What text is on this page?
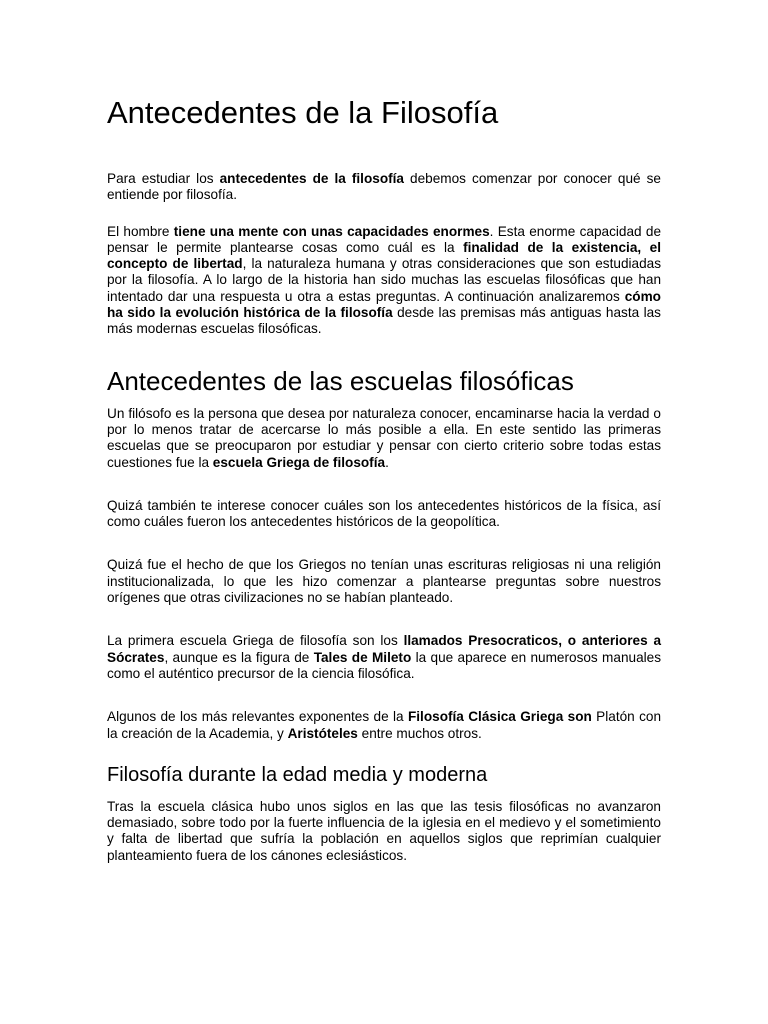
Antecedentes de la Filosofía

Para estudiar los antecedentes de la filosofía debemos comenzar por conocer qué se entiende por filosofía.

El hombre tiene una mente con unas capacidades enormes. Esta enorme capacidad de pensar le permite plantearse cosas como cuál es la finalidad de la existencia, el concepto de libertad, la naturaleza humana y otras consideraciones que son estudiadas por la filosofía. A lo largo de la historia han sido muchas las escuelas filosóficas que han intentado dar una respuesta u otra a estas preguntas. A continuación analizaremos cómo ha sido la evolución histórica de la filosofía desde las premisas más antiguas hasta las más modernas escuelas filosóficas.

Antecedentes de las escuelas filosóficas

Un filósofo es la persona que desea por naturaleza conocer, encaminarse hacia la verdad o por lo menos tratar de acercarse lo más posible a ella. En este sentido las primeras escuelas que se preocuparon por estudiar y pensar con cierto criterio sobre todas estas cuestiones fue la escuela Griega de filosofía.

Quizá también te interese conocer cuáles son los antecedentes históricos de la física, así como cuáles fueron los antecedentes históricos de la geopolítica.

Quizá fue el hecho de que los Griegos no tenían unas escrituras religiosas ni una religión institucionalizada, lo que les hizo comenzar a plantearse preguntas sobre nuestros orígenes que otras civilizaciones no se habían planteado.

La primera escuela Griega de filosofía son los llamados Presocraticos, o anteriores a Sócrates, aunque es la figura de Tales de Mileto la que aparece en numerosos manuales como el auténtico precursor de la ciencia filosófica.

Algunos de los más relevantes exponentes de la Filosofía Clásica Griega son Platón con la creación de la Academia, y Aristóteles entre muchos otros.

Filosofía durante la edad media y moderna

Tras la escuela clásica hubo unos siglos en las que las tesis filosóficas no avanzaron demasiado, sobre todo por la fuerte influencia de la iglesia en el medievo y el sometimiento y falta de libertad que sufría la población en aquellos siglos que reprimían cualquier planteamiento fuera de los cánones eclesiásticos.
